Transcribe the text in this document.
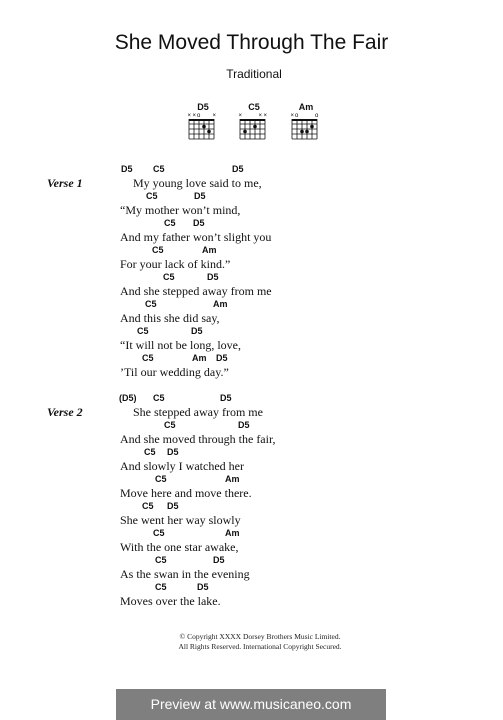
She Moved Through The Fair
Traditional
D5
× × o ×
C5
×	× ×
Am
× o	o
Verse 1
D5 C5	D5
My young love said to me,
C5	D5
“My mother won’t mind,
C5 D5
And my father won’t slight you
C5	Am
For your lack of kind.”
C5	D5
And she stepped away from me
C5	Am
And this she did say,
C5	D5
“It will not be long, love,
C5	Am D5
’Til our wedding day.”
Verse 2
(D5) C5	D5
She stepped away from me
C5	D5
And she moved through the fair,
C5 D5
And slowly I watched her
C5	Am
Move here and move there.
C5 D5
She went her way slowly
C5	Am
With the one star awake,
C5	D5
As the swan in the evening
C5	D5
Moves over the lake.
© Copyright XXXX Dorsey Brothers Music Limited.
All Rights Reserved. International Copyright Secured.
Preview at www.musicaneo.com
